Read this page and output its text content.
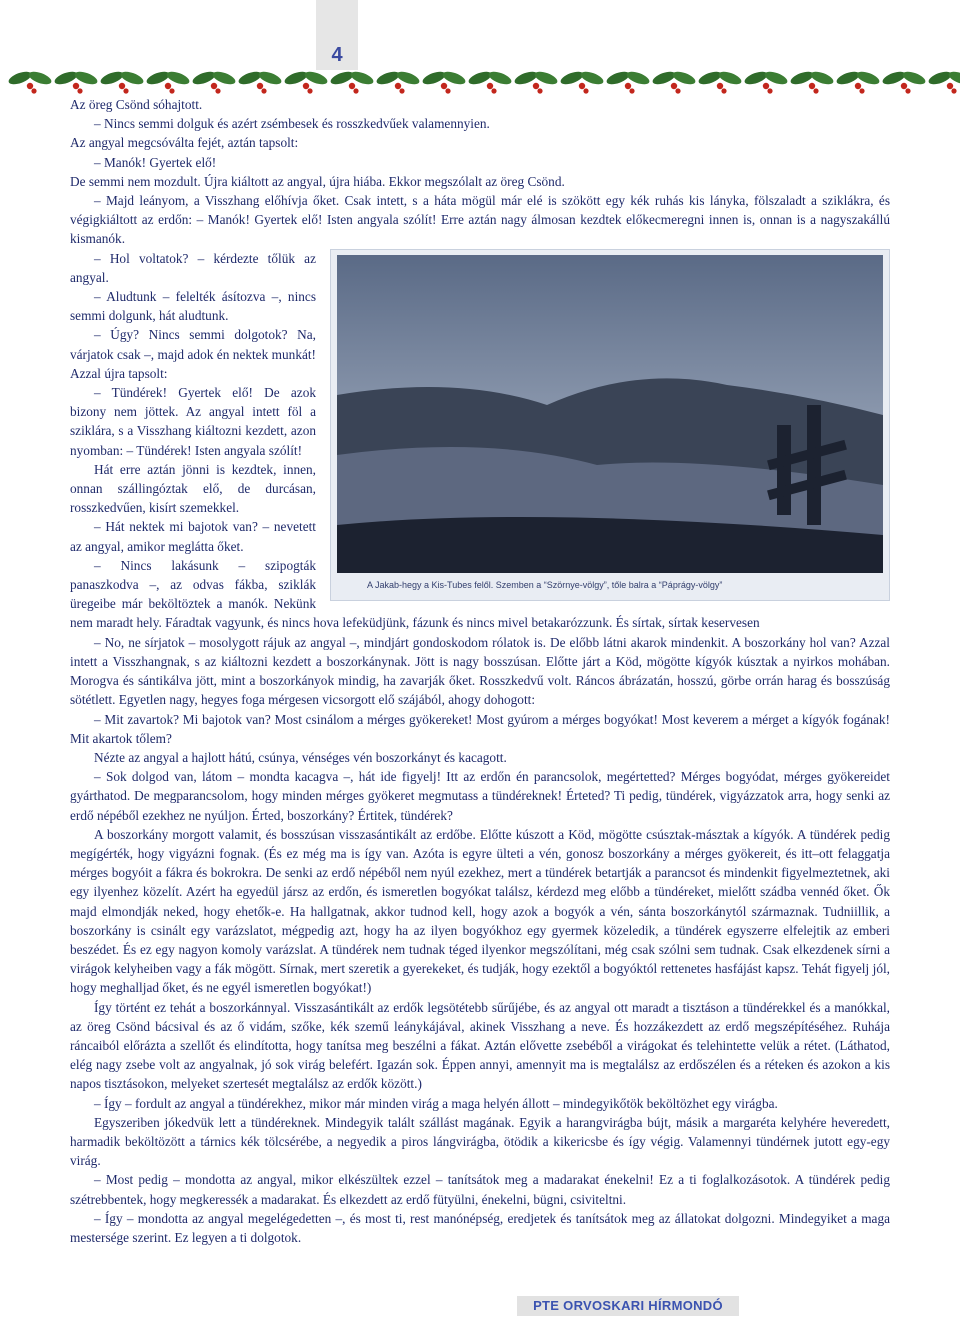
4

Az öreg Csönd sóhajtott.

– Nincs semmi dolguk és azért zsémbesek és rosszkedvűek valamennyien.

Az angyal megcsóválta fejét, aztán tapsolt:

– Manók! Gyertek elő!

De semmi nem mozdult. Újra kiáltott az angyal, újra hiába. Ekkor megszólalt az öreg Csönd.

– Majd leányom, a Visszhang előhívja őket. Csak intett, s a háta mögül már elé is szökött egy kék ruhás kis lányka, fölszaladt a sziklákra, és végigkiáltott az erdőn: – Manók! Gyertek elő! Isten angyala szólít! Erre aztán nagy álmosan kezdtek előkecmeregni innen is, onnan is a nagyszakállú kismanók.

A Jakab-hegy a Kis-Tubes felől. Szemben a “Szörnye-völgy”, tőle balra a “Páprágy-völgy”

– Hol voltatok? – kérdezte tőlük az angyal.

– Aludtunk – felelték ásítozva –, nincs semmi dolgunk, hát aludtunk.

– Úgy? Nincs semmi dolgotok? Na, várjatok csak –, majd adok én nektek munkát! Azzal újra tapsolt:

– Tündérek! Gyertek elő! De azok bizony nem jöttek. Az angyal intett föl a sziklára, s a Visszhang kiáltozni kezdett, azon nyomban: – Tündérek! Isten angyala szólít!

Hát erre aztán jönni is kezdtek, innen, onnan szállingóztak elő, de durcásan, rosszkedvűen, kisírt szemekkel.

– Hát nektek mi bajotok van? – nevetett az angyal, amikor meglátta őket.

– Nincs lakásunk – szipogták panaszkodva –, az odvas fákba, sziklák üregeibe már beköltöztek a manók. Nekünk nem maradt hely. Fáradtak vagyunk, és nincs hova lefeküdjünk, fázunk és nincs mivel betakarózzunk. És sírtak, sírtak keservesen

– No, ne sírjatok – mosolygott rájuk az angyal –, mindjárt gondoskodom rólatok is. De előbb látni akarok mindenkit. A boszorkány hol van? Azzal intett a Visszhangnak, s az kiáltozni kezdett a boszorkánynak. Jött is nagy bosszúsan. Előtte járt a Köd, mögötte kígyók kúsztak a nyirkos mohában. Morogva és sántikálva jött, mint a boszorkányok mindig, ha zavarják őket. Rosszkedvű volt. Ráncos ábrázatán, hosszú, görbe orrán harag és bosszúság sötétlett. Egyetlen nagy, hegyes foga mérgesen vicsorgott elő szájából, ahogy dohogott:

– Mit zavartok? Mi bajotok van? Most csinálom a mérges gyökereket! Most gyúrom a mérges bogyókat! Most keverem a mérget a kígyók fogának! Mit akartok tőlem?

Nézte az angyal a hajlott hátú, csúnya, vénséges vén boszorkányt és kacagott.

– Sok dolgod van, látom – mondta kacagva –, hát ide figyelj! Itt az erdőn én parancsolok, megértetted? Mérges bogyódat, mérges gyökereidet gyárthatod. De megparancsolom, hogy minden mérges gyökeret megmutass a tündéreknek! Érteted? Ti pedig, tündérek, vigyázzatok arra, hogy senki az erdő népéből ezekhez ne nyúljon. Érted, boszorkány? Értitek, tündérek?

A boszorkány morgott valamit, és bosszúsan visszasántikált az erdőbe. Előtte kúszott a Köd, mögötte csúsztak-másztak a kígyók. A tündérek pedig megígérték, hogy vigyázni fognak. (És ez még ma is így van. Azóta is egyre ülteti a vén, gonosz boszorkány a mérges gyökereit, és itt–ott felaggatja mérges bogyóit a fákra és bokrokra. De senki az erdő népéből nem nyúl ezekhez, mert a tündérek betartják a parancsot és mindenkit figyelmeztetnek, aki egy ilyenhez közelít. Azért ha egyedül jársz az erdőn, és ismeretlen bogyókat találsz, kérdezd meg előbb a tündéreket, mielőtt szádba vennéd őket. Ők majd elmondják neked, hogy ehetők-e. Ha hallgatnak, akkor tudnod kell, hogy azok a bogyók a vén, sánta boszorkánytól származnak. Tudniillik, a boszorkány is csinált egy varázslatot, mégpedig azt, hogy ha az ilyen bogyókhoz egy gyermek közeledik, a tündérek egyszerre elfelejtik az emberi beszédet. És ez egy nagyon komoly varázslat. A tündérek nem tudnak téged ilyenkor megszólítani, még csak szólni sem tudnak. Csak elkezdenek sírni a virágok kelyheiben vagy a fák mögött. Sírnak, mert szeretik a gyerekeket, és tudják, hogy ezektől a bogyóktól rettenetes hasfájást kapsz. Tehát figyelj jól, hogy meghalljad őket, és ne egyél ismeretlen bogyókat!)

Így történt ez tehát a boszorkánnyal. Visszasántikált az erdők legsötétebb sűrűjébe, és az angyal ott maradt a tisztáson a tündérekkel és a manókkal, az öreg Csönd bácsival és az ő vidám, szőke, kék szemű leánykájával, akinek Visszhang a neve. És hozzákezdett az erdő megszépítéséhez. Ruhája ráncaiból előrázta a szellőt és elindította, hogy tanítsa meg beszélni a fákat. Aztán elővette zsebéből a virágokat és telehintette velük a rétet. (Láthatod, elég nagy zsebe volt az angyalnak, jó sok virág belefért. Igazán sok. Éppen annyi, amennyit ma is megtalálsz az erdőszélen és a réteken és azokon a kis napos tisztásokon, melyeket szertesét megtalálsz az erdők között.)

– Így – fordult az angyal a tündérekhez, mikor már minden virág a maga helyén állott – mindegyikőtök beköltözhet egy virágba.

Egyszeriben jókedvük lett a tündéreknek. Mindegyik talált szállást magának. Egyik a harangvirágba bújt, másik a margaréta kelyhére heveredett, harmadik beköltözött a tárnics kék tölcsérébe, a negyedik a piros lángvirágba, ötödik a kikericsbe és így végig. Valamennyi tündérnek jutott egy-egy virág.

– Most pedig – mondotta az angyal, mikor elkészültek ezzel – tanítsátok meg a madarakat énekelni! Ez a ti foglalkozásotok. A tündérek pedig szétrebbentek, hogy megkeressék a madarakat. És elkezdett az erdő fütyülni, énekelni, bügni, csiviteltni.

– Így – mondotta az angyal megelégedetten –, és most ti, rest manónépség, eredjetek és tanítsátok meg az állatokat dolgozni. Mindegyiket a maga mestersége szerint. Ez legyen a ti dolgotok.

PTE ORVOSKARI HÍRMONDÓ
